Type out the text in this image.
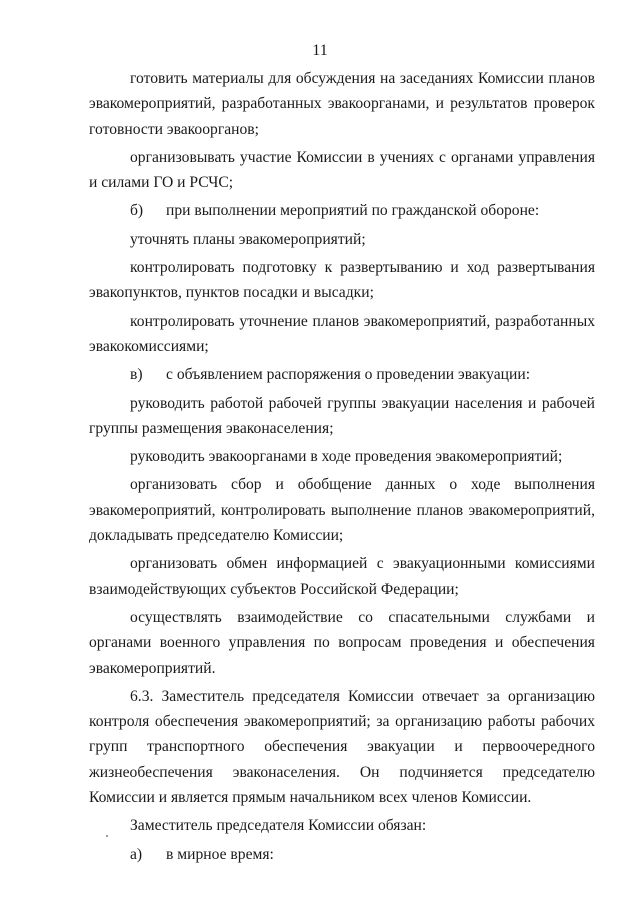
11

готовить материалы для обсуждения на заседаниях Комиссии планов эвакомероприятий, разработанных эвакоорганами, и результатов проверок готовности эвакоорганов;

организовывать участие Комиссии в учениях с органами управления и силами ГО и РСЧС;

б)	при выполнении мероприятий по гражданской обороне:

уточнять планы эвакомероприятий;

контролировать подготовку к развертыванию и ход развертывания эвакопунктов, пунктов посадки и высадки;

контролировать уточнение планов эвакомероприятий, разработанных эвакокомиссиями;

в)	с объявлением распоряжения о проведении эвакуации:

руководить работой рабочей группы эвакуации населения и рабочей группы размещения эваконаселения;

руководить эвакоорганами в ходе проведения эвакомероприятий;

организовать сбор и обобщение данных о ходе выполнения эвакомероприятий, контролировать выполнение планов эвакомероприятий, докладывать председателю Комиссии;

организовать обмен информацией с эвакуационными комиссиями взаимодействующих субъектов Российской Федерации;

осуществлять взаимодействие со спасательными службами и органами военного управления по вопросам проведения и обеспечения эвакомероприятий.

6.3. Заместитель председателя Комиссии отвечает за организацию контроля обеспечения эвакомероприятий; за организацию работы рабочих групп транспортного обеспечения эвакуации и первоочередного жизнеобеспечения эваконаселения. Он подчиняется председателю Комиссии и является прямым начальником всех членов Комиссии.

Заместитель председателя Комиссии обязан:

а)	в мирное время:
